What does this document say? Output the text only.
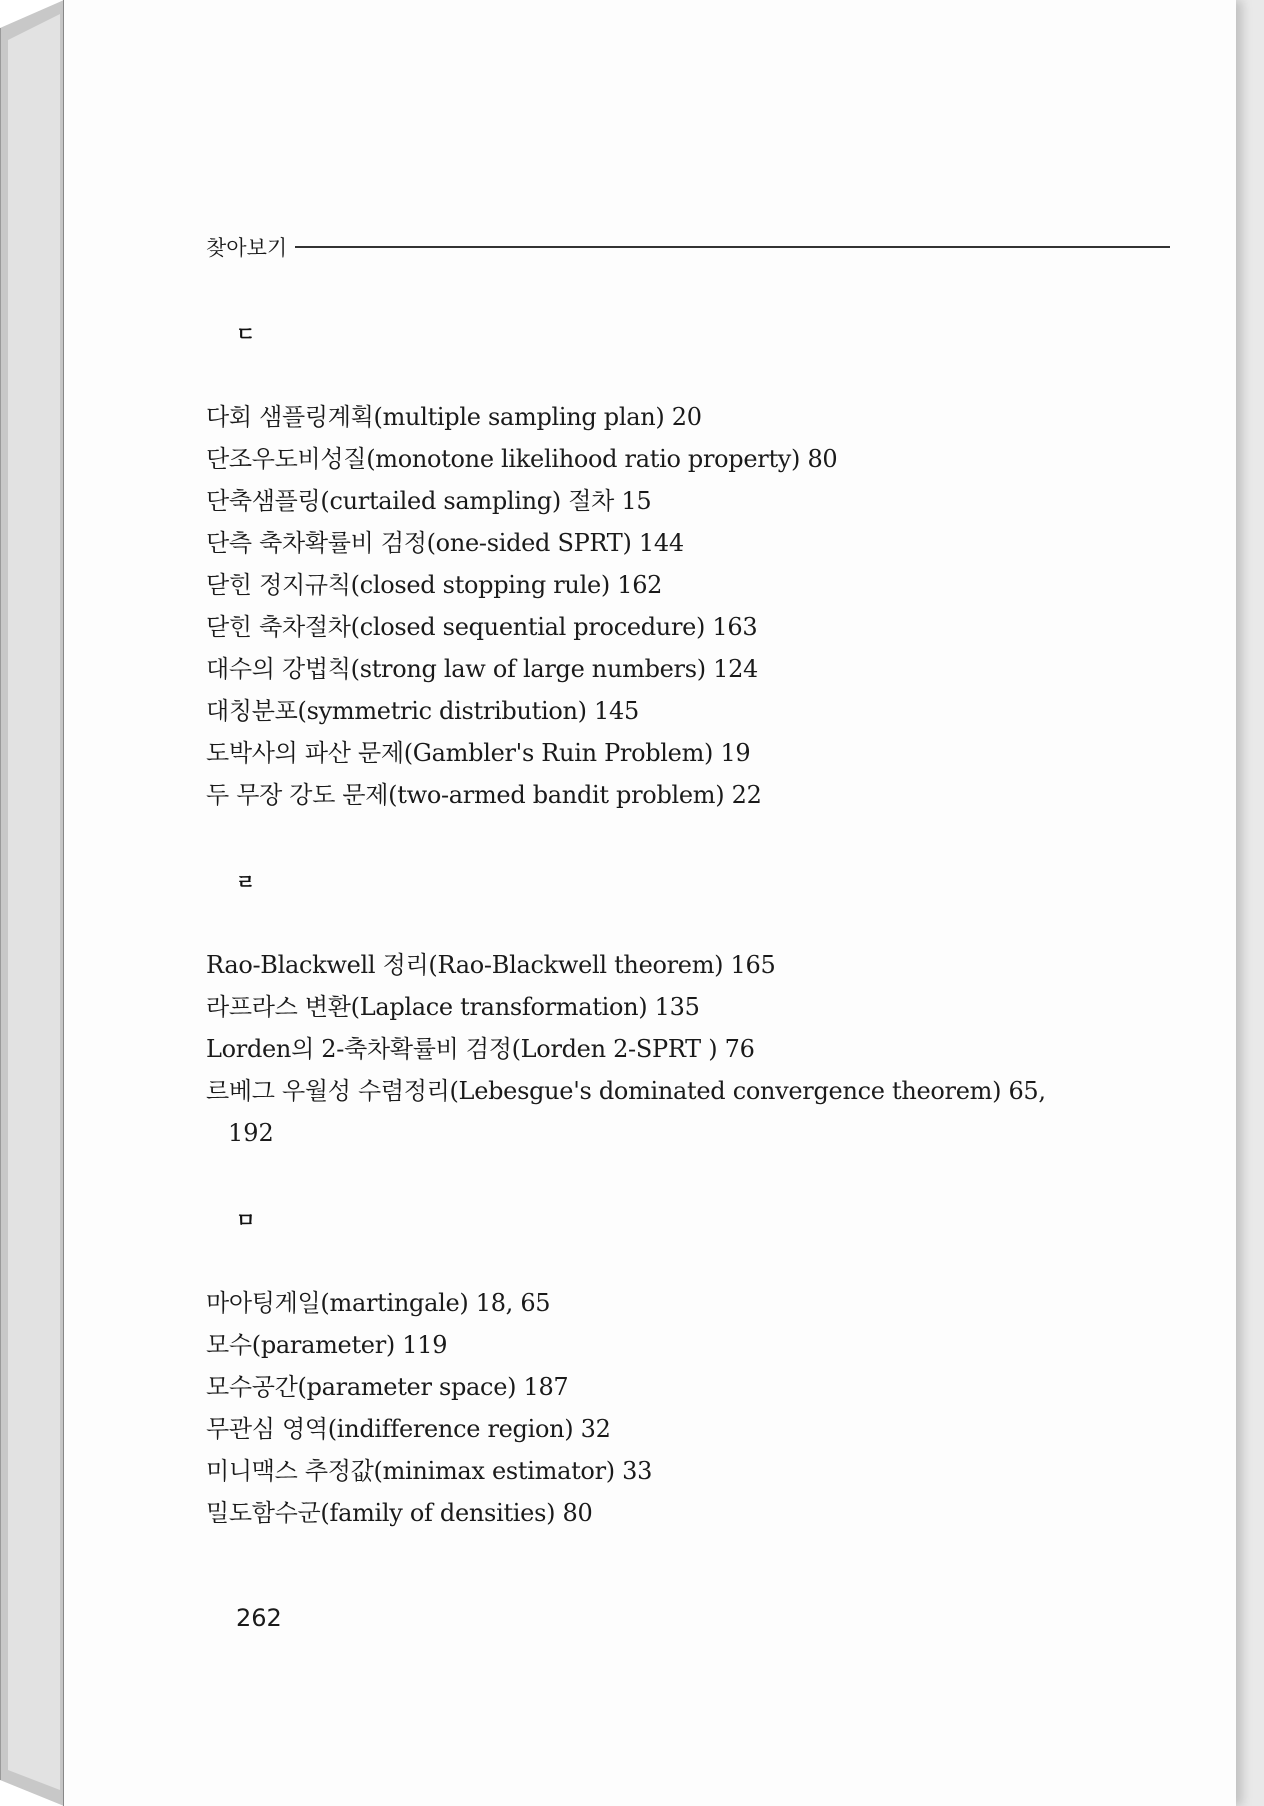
찾아보기
ㄷ
다회 샘플링계획(multiple sampling plan) 20
단조우도비성질(monotone likelihood ratio property) 80
단축샘플링(curtailed sampling) 절차 15
단측 축차확률비 검정(one-sided SPRT) 144
닫힌 정지규칙(closed stopping rule) 162
닫힌 축차절차(closed sequential procedure) 163
대수의 강법칙(strong law of large numbers) 124
대칭분포(symmetric distribution) 145
도박사의 파산 문제(Gambler's Ruin Problem) 19
두 무장 강도 문제(two-armed bandit problem) 22
ㄹ
Rao-Blackwell 정리(Rao-Blackwell theorem) 165
라프라스 변환(Laplace transformation) 135
Lorden의 2-축차확률비 검정(Lorden 2-SPRT ) 76
르베그 우월성 수렴정리(Lebesgue's dominated convergence theorem) 65,
192
ㅁ
마아팅게일(martingale) 18, 65
모수(parameter) 119
모수공간(parameter space) 187
무관심 영역(indifference region) 32
미니맥스 추정값(minimax estimator) 33
밀도함수군(family of densities) 80
262
